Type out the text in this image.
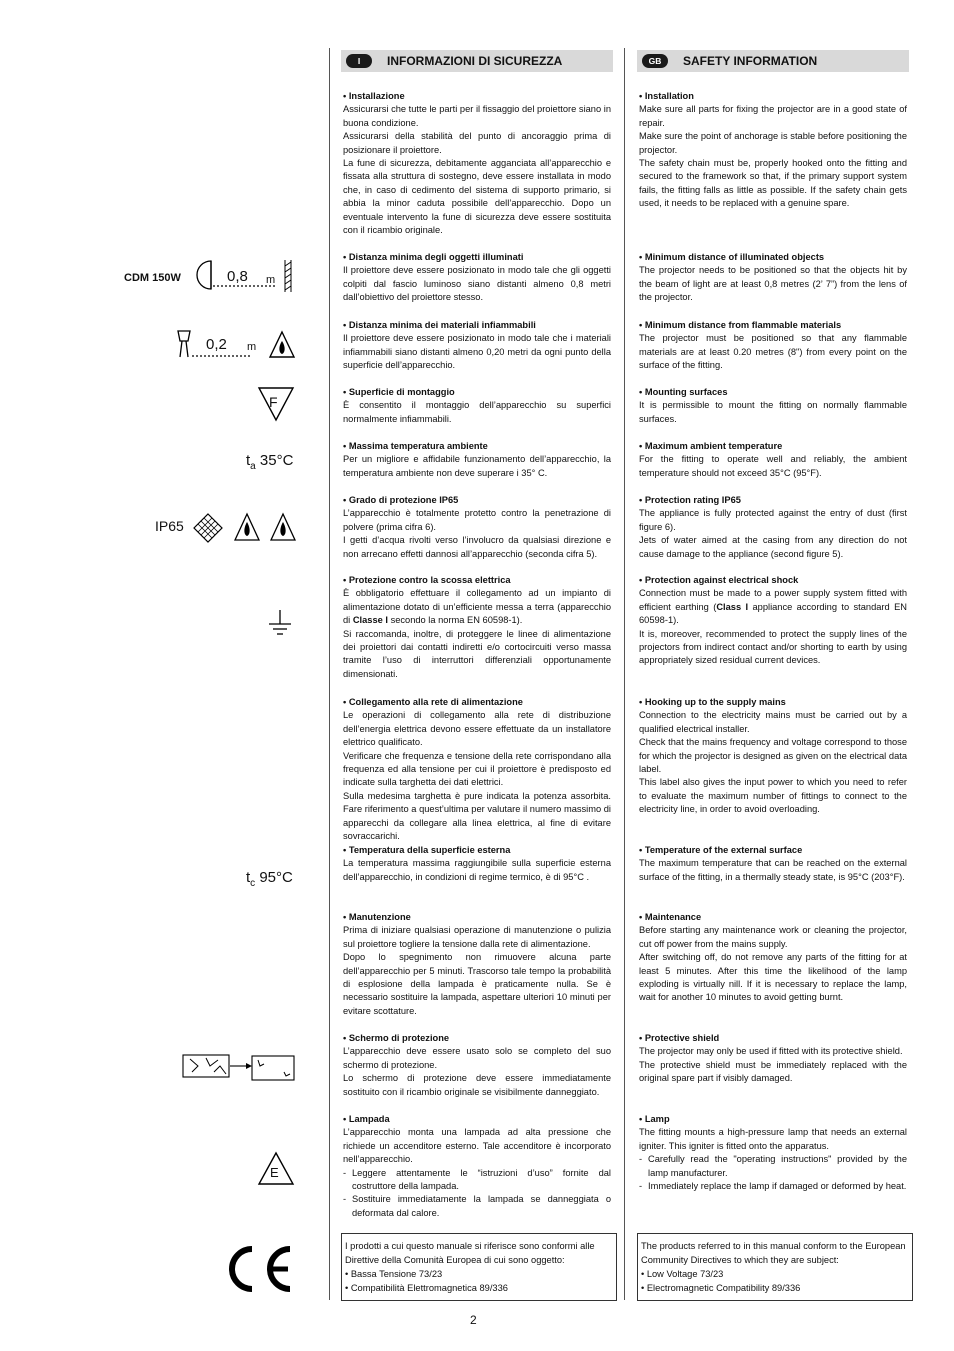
CDM 150W	0,8 m
0,2 m
F
$t_a$ 35°C
IP65
$t_c$ 95°C
E
I	INFORMAZIONI DI SICUREZZA
• Installazione

Assicurarsi che tutte le parti per il fissaggio del proiettore siano in buona condizione.

Assicurarsi della stabilità del punto di ancoraggio prima di posizionare il proiettore.

La fune di sicurezza, debitamente agganciata all’apparecchio e fissata alla struttura di sostegno, deve essere installata in modo che, in caso di cedimento del sistema di supporto primario, si abbia la minor caduta possibile dell’apparecchio. Dopo un eventuale intervento la fune di sicurezza deve essere sostituita con il ricambio originale.

• Distanza minima degli oggetti illuminati

Il proiettore deve essere posizionato in modo tale che gli oggetti colpiti dal fascio luminoso siano distanti almeno 0,8 metri dall’obiettivo del proiettore stesso.

• Distanza minima dei materiali infiammabili

Il proiettore deve essere posizionato in modo tale che i materiali infiammabili siano distanti almeno 0,20 metri da ogni punto della superficie dell’apparecchio.

• Superficie di montaggio

È consentito il montaggio dell’apparecchio su superfici normalmente infiammabili.

• Massima temperatura ambiente

Per un migliore e affidabile funzionamento dell’apparecchio, la temperatura ambiente non deve superare i 35° C.

• Grado di protezione IP65

L’apparecchio è totalmente protetto contro la penetrazione di polvere (prima cifra 6).

I getti d’acqua rivolti verso l’involucro da qualsiasi direzione e non arrecano effetti dannosi all’apparecchio (seconda cifra 5).

• Protezione contro la scossa elettrica

È obbligatorio effettuare il collegamento ad un impianto di alimentazione dotato di un’efficiente messa a terra (apparecchio di Classe I secondo la norma EN 60598-1).

Si raccomanda, inoltre, di proteggere le linee di alimentazione dei proiettori dai contatti indiretti e/o cortocircuiti verso massa tramite l’uso di interruttori differenziali opportunamente dimensionati.

• Collegamento alla rete di alimentazione

Le operazioni di collegamento alla rete di distribuzione dell’energia elettrica devono essere effettuate da un installatore elettrico qualificato.

Verificare che frequenza e tensione della rete corrispondano alla frequenza ed alla tensione per cui il proiettore è predisposto ed indicate sulla targhetta dei dati elettrici.

Sulla medesima targhetta è pure indicata la potenza assorbita. Fare riferimento a quest’ultima per valutare il numero massimo di apparecchi da collegare alla linea elettrica, al fine di evitare sovraccarichi.

• Temperatura della superficie esterna

La temperatura massima raggiungibile sulla superficie esterna dell’apparecchio, in condizioni di regime termico, è di 95°C .

• Manutenzione

Prima di iniziare qualsiasi operazione di manutenzione o pulizia sul proiettore togliere la tensione dalla rete di alimentazione.

Dopo lo spegnimento non rimuovere alcuna parte dell’apparecchio per 5 minuti. Trascorso tale tempo la probabilità di esplosione della lampada è praticamente nulla. Se è necessario sostituire la lampada, aspettare ulteriori 10 minuti per evitare scottature.

• Schermo di protezione

L’apparecchio deve essere usato solo se completo del suo schermo di protezione.

Lo schermo di protezione deve essere immediatamente sostituito con il ricambio originale se visibilmente danneggiato.

• Lampada

L’apparecchio monta una lampada ad alta pressione che richiede un accenditore esterno. Tale accenditore è incorporato nell’apparecchio.

- Leggere attentamente le “istruzioni d’uso” fornite dal costruttore della lampada.
- Sostituire immediatamente la lampada se danneggiata o deformata dal calore.

I prodotti a cui questo manuale si riferisce sono conformi alle Direttive della Comunità Europea di cui sono oggetto:

• Bassa Tensione 73/23

• Compatibilità Elettromagnetica 89/336

GB	SAFETY INFORMATION
• Installation

Make sure all parts for fixing the projector are in a good state of repair.

Make sure the point of anchorage is stable before positioning the projector.

The safety chain must be, properly hooked onto the fitting and secured to the framework so that, if the primary support system fails, the fitting falls as little as possible. If the safety chain gets used, it needs to be replaced with a genuine spare.

• Minimum distance of illuminated objects

The projector needs to be positioned so that the objects hit by the beam of light are at least 0,8 metres (2’ 7”) from the lens of the projector.

• Minimum distance from flammable materials

The projector must be positioned so that any flammable materials are at least 0.20 metres (8") from every point on the surface of the fitting.

• Mounting surfaces

It is permissible to mount the fitting on normally flammable surfaces.

• Maximum ambient temperature

For the fitting to operate well and reliably, the ambient temperature should not exceed 35°C (95°F).

• Protection rating IP65

The appliance is fully protected against the entry of dust (first figure 6).

Jets of water aimed at the casing from any direction do not cause damage to the appliance (second figure 5).

• Protection against electrical shock

Connection must be made to a power supply system fitted with efficient earthing (Class I appliance according to standard EN 60598-1).

It is, moreover, recommended to protect the supply lines of the projectors from indirect contact and/or shorting to earth by using appropriately sized residual current devices.

• Hooking up to the supply mains

Connection to the electricity mains must be carried out by a qualified electrical installer.

Check that the mains frequency and voltage correspond to those for which the projector is designed as given on the electrical data label.

This label also gives the input power to which you need to refer to evaluate the maximum number of fittings to connect to the electricity line, in order to avoid overloading.

• Temperature of the external surface

The maximum temperature that can be reached on the external surface of the fitting, in a thermally steady state, is 95°C (203°F).

• Maintenance

Before starting any maintenance work or cleaning the projector, cut off power from the mains supply.

After switching off, do not remove any parts of the fitting for at least 5 minutes. After this time the likelihood of the lamp exploding is virtually nill. If it is necessary to replace the lamp, wait for another 10 minutes to avoid getting burnt.

• Protective shield

The projector may only be used if fitted with its protective shield.

The protective shield must be immediately replaced with the original spare part if visibly damaged.

• Lamp

The fitting mounts a high-pressure lamp that needs an external igniter. This igniter is fitted onto the apparatus.

- Carefully read the "operating instructions" provided by the lamp manufacturer.
- Immediately replace the lamp if damaged or deformed by heat.

The products referred to in this manual conform to the European Community Directives to which they are subject:

• Low Voltage 73/23

• Electromagnetic Compatibility 89/336

2
